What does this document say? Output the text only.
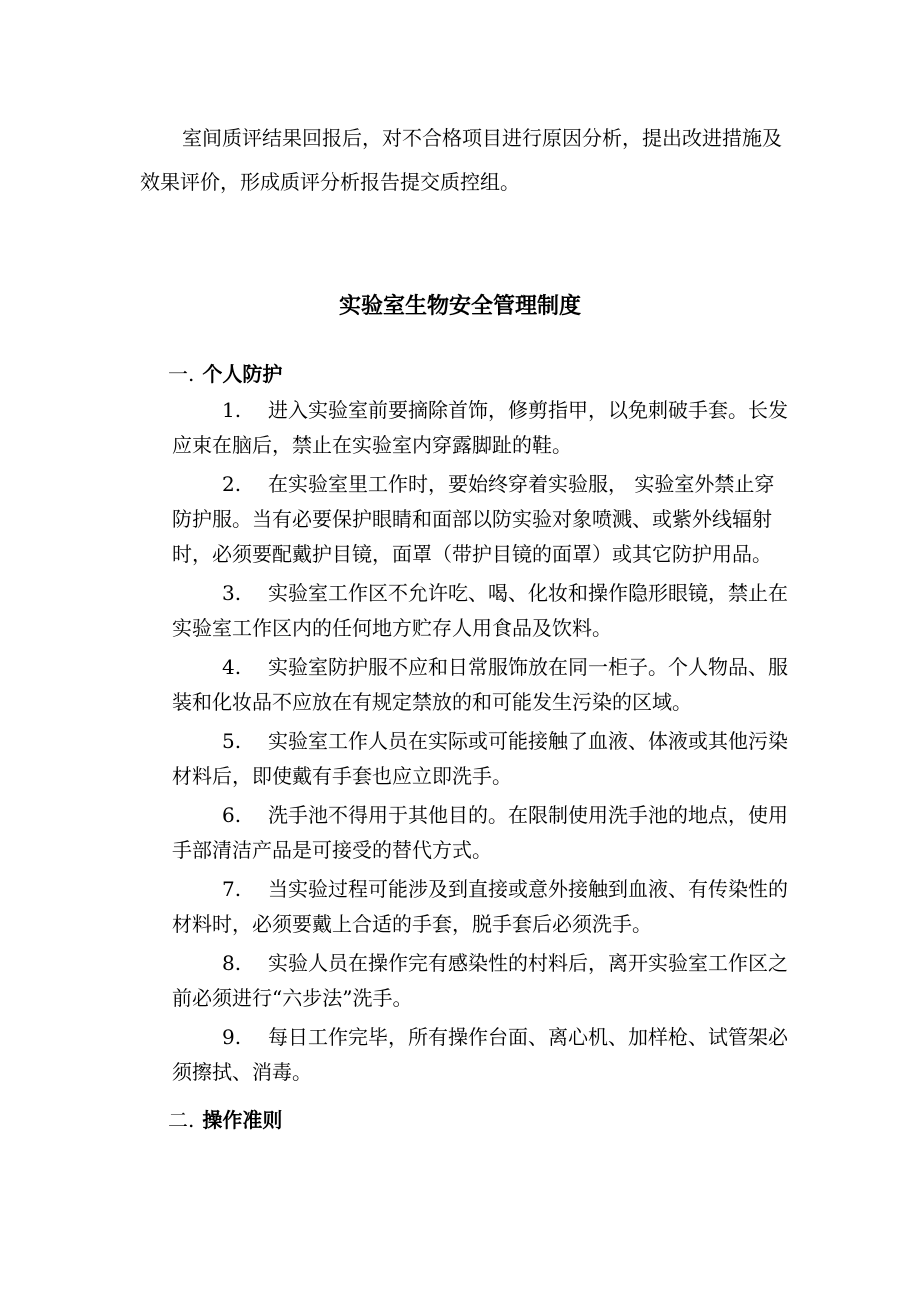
室间质评结果回报后，对不合格项目进行原因分析，提出改进措施及效果评价，形成质评分析报告提交质控组。

实验室生物安全管理制度
一. 个人防护
1. 进入实验室前要摘除首饰，修剪指甲，以免刺破手套。长发应束在脑后，禁止在实验室内穿露脚趾的鞋。
2. 在实验室里工作时，要始终穿着实验服， 实验室外禁止穿防护服。当有必要保护眼睛和面部以防实验对象喷溅、或紫外线辐射时，必须要配戴护目镜，面罩（带护目镜的面罩）或其它防护用品。
3. 实验室工作区不允许吃、喝、化妆和操作隐形眼镜，禁止在实验室工作区内的任何地方贮存人用食品及饮料。
4. 实验室防护服不应和日常服饰放在同一柜子。个人物品、服装和化妆品不应放在有规定禁放的和可能发生污染的区域。
5. 实验室工作人员在实际或可能接触了血液、体液或其他污染材料后，即使戴有手套也应立即洗手。
6. 洗手池不得用于其他目的。在限制使用洗手池的地点，使用手部清洁产品是可接受的替代方式。
7. 当实验过程可能涉及到直接或意外接触到血液、有传染性的材料时，必须要戴上合适的手套，脱手套后必须洗手。
8. 实验人员在操作完有感染性的村料后，离开实验室工作区之前必须进行“六步法”洗手。
9. 每日工作完毕，所有操作台面、离心机、加样枪、试管架必须擦拭、消毒。
二. 操作准则
